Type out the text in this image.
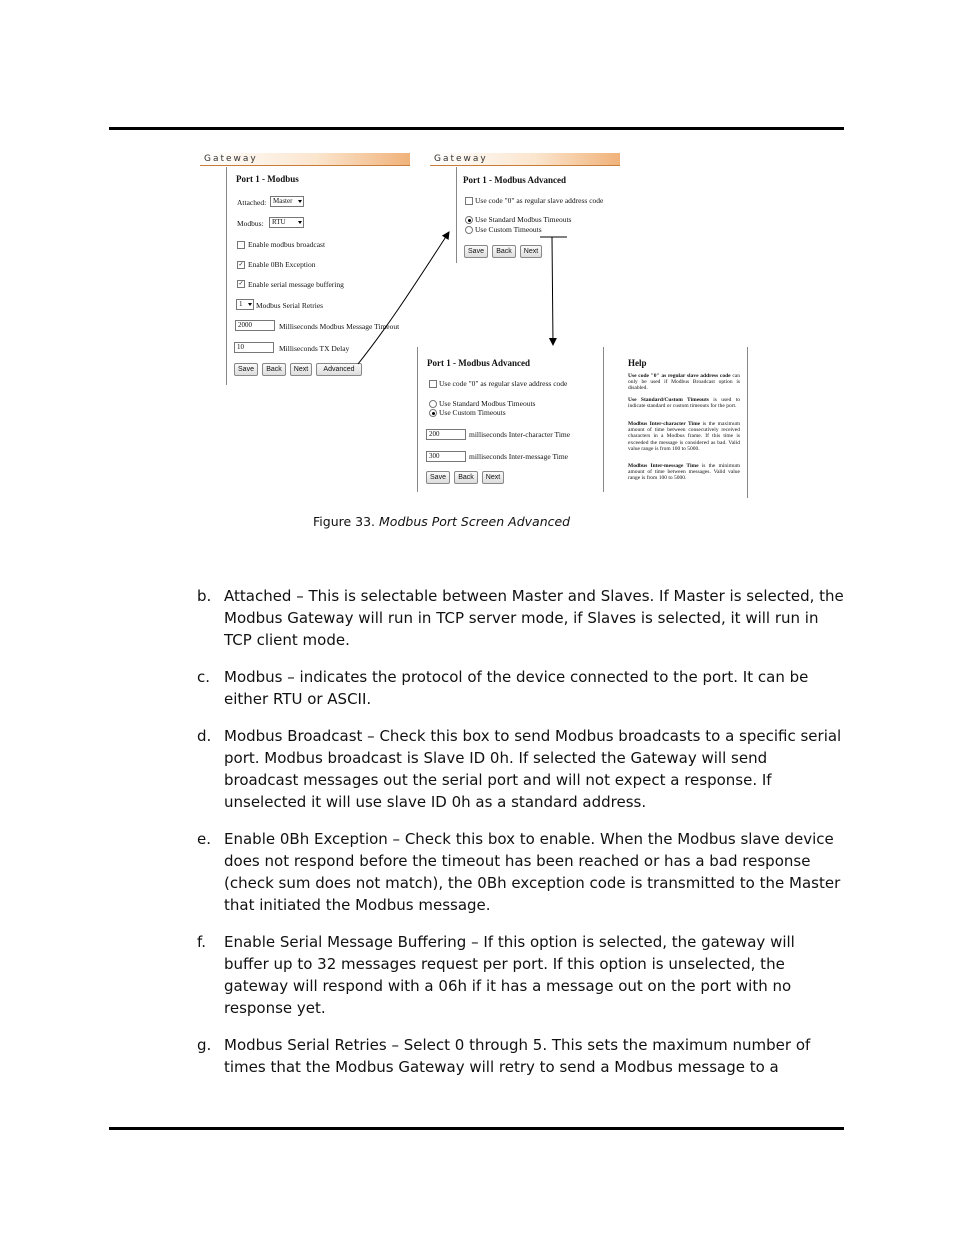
Gateway
Port 1 - Modbus
Attached: Master
Modbus:	RTU
Enable modbus broadcast
✓ Enable 0Bh Exception
✓ Enable serial message buffering
1	Modbus Serial Retries
2000	Milliseconds Modbus Message Timeout
10	Milliseconds TX Delay
Save	Back	Next	Advanced
Gateway
Port 1 - Modbus Advanced
Use code "0" as regular slave address code
Use Standard Modbus Timeouts
Use Custom Timeouts
Save	Back	Next
Port 1 - Modbus Advanced
Use code "0" as regular slave address code
Use Standard Modbus Timeouts
Use Custom Timeouts
200	milliseconds Inter-character Time
300	milliseconds Inter-message Time
Save	Back	Next
Help
Use code "0" as regular slave address code can only be used if Modbus Broadcast option is disabled.
Use Standard/Custom Timeouts is used to indicate standard or custom timeouts for the port.
Modbus Inter-character Time is the maximum amount of time between consecutively received characters in a Modbus frame. If this time is exceeded the message is considered as bad. Valid value range is from 100 to 5000.
Modbus Inter-message Time is the minimum amount of time between messages. Valid value range is from 100 to 5000.
Figure 33. Modbus Port Screen Advanced
b. Attached – This is selectable between Master and Slaves. If Master is selected, the Modbus Gateway will run in TCP server mode, if Slaves is selected, it will run in TCP client mode.
c. Modbus – indicates the protocol of the device connected to the port. It can be either RTU or ASCII.
d. Modbus Broadcast – Check this box to send Modbus broadcasts to a specific serial port. Modbus broadcast is Slave ID 0h. If selected the Gateway will send broadcast messages out the serial port and will not expect a response. If unselected it will use slave ID 0h as a standard address.
e. Enable 0Bh Exception – Check this box to enable. When the Modbus slave device does not respond before the timeout has been reached or has a bad response (check sum does not match), the 0Bh exception code is transmitted to the Master that initiated the Modbus message.
f. Enable Serial Message Buffering – If this option is selected, the gateway will buffer up to 32 messages request per port. If this option is unselected, the gateway will respond with a 06h if it has a message out on the port with no response yet.
g. Modbus Serial Retries – Select 0 through 5. This sets the maximum number of times that the Modbus Gateway will retry to send a Modbus message to a
